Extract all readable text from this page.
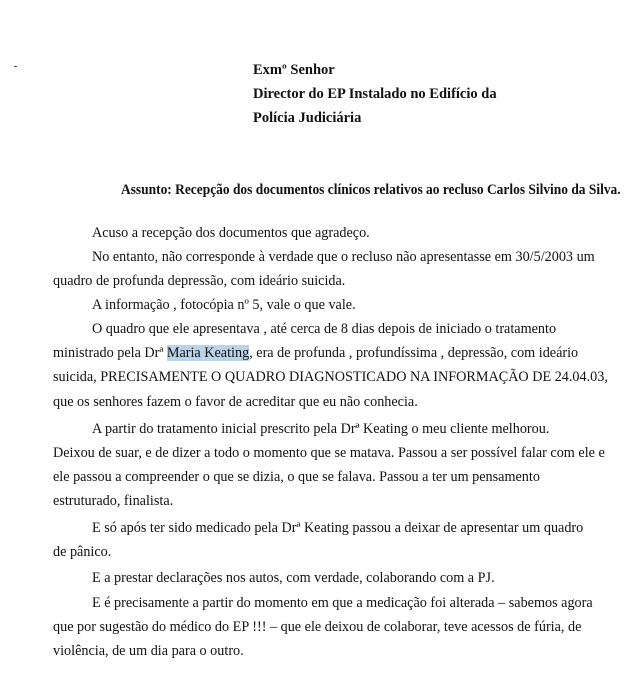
Exmº Senhor
Director do EP Instalado no Edifício da
Polícia Judiciária
Assunto: Recepção dos documentos clínicos relativos ao recluso Carlos Silvino da Silva.
Acuso a recepção dos documentos que agradeço.
No entanto, não corresponde à verdade que o recluso não apresentasse em 30/5/2003 um
quadro de profunda depressão, com ideário suicida.
A informação , fotocópia nº 5, vale o que vale.
O quadro que ele apresentava , até cerca de 8 dias depois de iniciado o tratamento
ministrado pela Drª Maria Keating, era de profunda , profundíssima , depressão, com ideário
suicida, PRECISAMENTE O QUADRO DIAGNOSTICADO NA INFORMAÇÃO DE 24.04.03,
que os senhores fazem o favor de acreditar que eu não conhecia.
A partir do tratamento inicial prescrito pela Drª Keating o meu cliente melhorou.
Deixou de suar, e de dizer a todo o momento que se matava. Passou a ser possível falar com ele e
ele passou a compreender o que se dizia, o que se falava. Passou a ter um pensamento
estruturado, finalista.
E só após ter sido medicado pela Drª Keating passou a deixar de apresentar um quadro
de pânico.
E a prestar declarações nos autos, com verdade, colaborando com a PJ.
E é precisamente a partir do momento em que a medicação foi alterada – sabemos agora
que por sugestão do médico do EP !!! – que ele deixou de colaborar, teve acessos de fúria, de
violência, de um dia para o outro.
